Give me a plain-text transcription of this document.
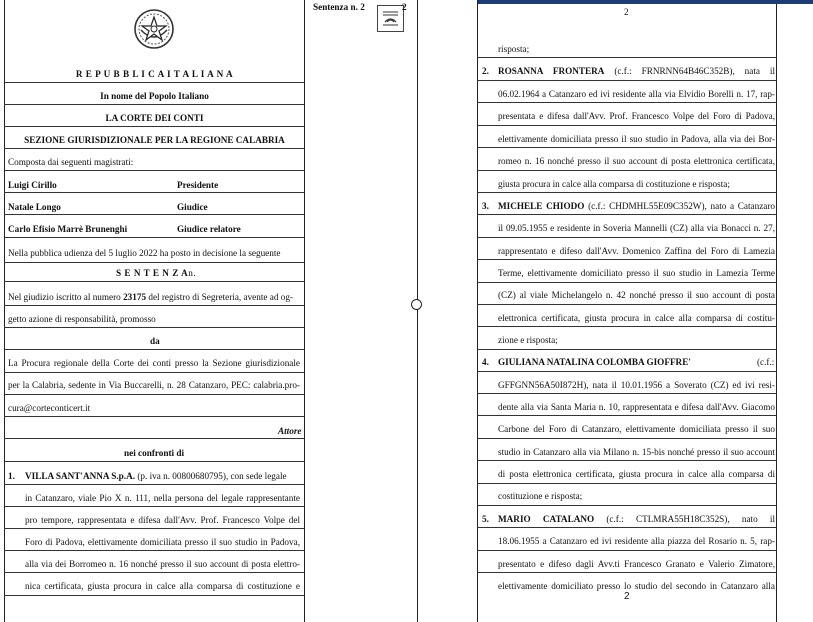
Sentenza n. 2	2	2
R E P U B B L I C A I T A L I A N A
In nome del Popolo Italiano
LA CORTE DEI CONTI
SEZIONE GIURISDIZIONALE PER LA REGIONE CALABRIA
Composta dai seguenti magistrati:
Luigi Cirillo	Presidente
Natale Longo	Giudice
Carlo Efisio Marrè Brunenghi	Giudice relatore
Nella pubblica udienza del 5 luglio 2022 ha posto in decisione la seguente
S E N T E N Z An.
Nel giudizio iscritto al numero 23175 del registro di Segreteria, avente ad og-
getto azione di responsabilità, promosso
da
La Procura regionale della Corte dei conti presso la Sezione giurisdizionale
per la Calabria, sedente in Via Buccarelli, n. 28 Catanzaro, PEC: calabria.pro-
cura@corteconticert.it
Attore
nei confronti di
1. VILLA SANT'ANNA S.p.A. (p. iva n. 00800680795), con sede legale
in Catanzaro, viale Pio X n. 111, nella persona del legale rappresentante
pro tempore, rappresentata e difesa dall'Avv. Prof. Francesco Volpe del
Foro di Padova, elettivamente domiciliata presso il suo studio in Padova,
alla via dei Borromeo n. 16 nonché presso il suo account di posta elettro-
nica certificata, giusta procura in calce alla comparsa di costituzione e
risposta;
2. ROSANNA FRONTERA (c.f.: FRNRNN64B46C352B), nata il
06.02.1964 a Catanzaro ed ivi residente alla via Elvidio Borelli n. 17, rap-
presentata e difesa dall'Avv. Prof. Francesco Volpe del Foro di Padova,
elettivamente domiciliata presso il suo studio in Padova, alla via dei Bor-
romeo n. 16 nonché presso il suo account di posta elettronica certificata,
giusta procura in calce alla comparsa di costituzione e risposta;
3. MICHELE CHIODO (c.f.: CHDMHL55E09C352W), nato a Catanzaro
il 09.05.1955 e residente in Soveria Mannelli (CZ) alla via Bonacci n. 27,
rappresentato e difeso dall'Avv. Domenico Zaffina del Foro di Lamezia
Terme, elettivamente domiciliato presso il suo studio in Lamezia Terme
(CZ) al viale Michelangelo n. 42 nonché presso il suo account di posta
elettronica certificata, giusta procura in calce alla comparsa di costitu-
zione e risposta;
4. GIULIANA NATALINA COLOMBA GIOFFRE'	(c.f.:
GFFGNN56A50I872H), nata il 10.01.1956 a Soverato (CZ) ed ivi resi-
dente alla via Santa Maria n. 10, rappresentata e difesa dall'Avv. Giacomo
Carbone del Foro di Catanzaro, elettivamente domiciliata presso il suo
studio in Catanzaro alla via Milano n. 15-bis nonché presso il suo account
di posta elettronica certificata, giusta procura in calce alla comparsa di
costituzione e risposta;
5. MARIO CATALANO (c.f.: CTLMRA55H18C352S), nato il
18.06.1955 a Catanzaro ed ivi residente alla piazza del Rosario n. 5, rap-
presentato e difeso dagli Avv.ti Francesco Granato e Valerio Zimatore,
elettivamente domiciliato presso lo studio del secondo in Catanzaro alla
2
